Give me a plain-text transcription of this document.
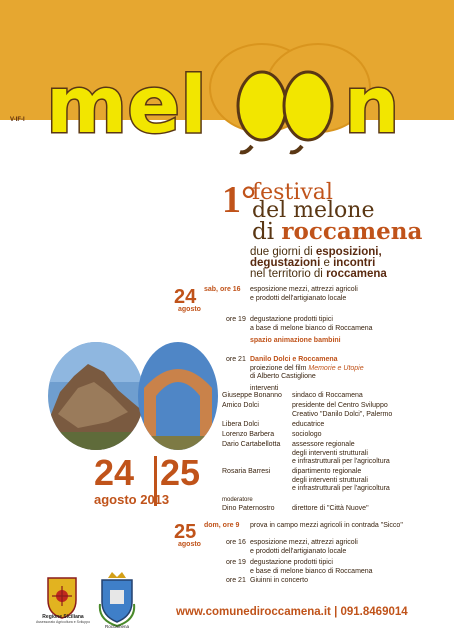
V-IF-I mel n
1°
festival
del melone
di roccamena
due giorni di esposizioni,
degustazioni e incontri
nel territorio di roccamena
24
agosto
sab, ore 16 esposizione mezzi, attrezzi agricoli
e prodotti dell'artigianato locale
ore 19 degustazione prodotti tipici
a base di melone bianco di Roccamena
spazio animazione bambini
ore 21 Danilo Dolci e Roccamena
proiezione del film Memorie e Utopie
di Alberto Castiglione
interventi
Giuseppe Bonanno	sindaco di Roccamena
Amico Dolci	presidente del Centro Sviluppo
Creativo "Danilo Dolci", Palermo
Libera Dolci	educatrice
Lorenzo Barbera	sociologo
Dario Cartabellotta	assessore regionale
degli interventi strutturali
e infrastrutturali per l'agricoltura
Rosaria Barresi	dipartimento regionale
degli interventi strutturali
e infrastrutturali per l'agricoltura
moderatore
Dino Paternostro	direttore di "Città Nuove"
24 25
agosto 2013
25
agosto
dom, ore 9 prova in campo mezzi agricoli in contrada "Sicco"
ore 16 esposizione mezzi, attrezzi agricoli
e prodotti dell'artigianato locale
ore 19 degustazione prodotti tipici
e base di melone bianco di Roccamena
ore 21 Giuinni in concerto
Regione Siciliana
Assessorato Agricoltura e Sviluppo
Roccamena
www.comunediroccamena.it | 091.8469014
